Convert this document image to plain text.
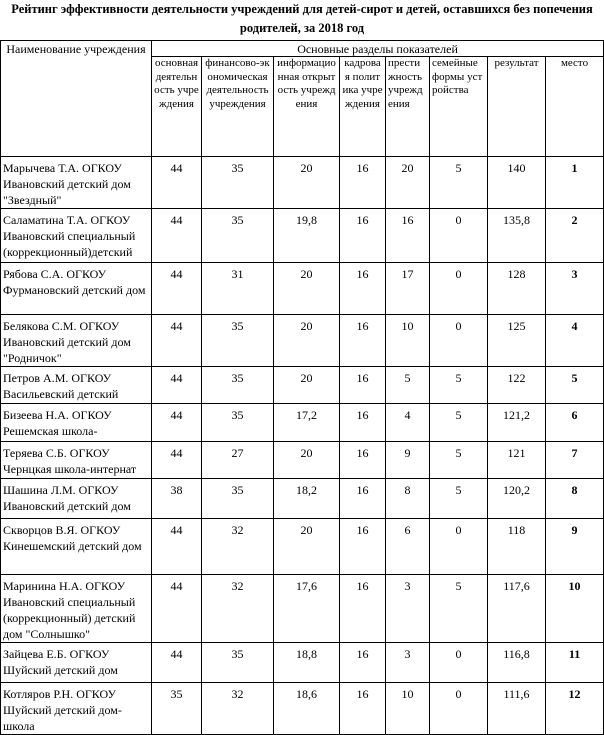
Рейтинг эффективности деятельности учреждений для детей-сирот и детей, оставшихся без попечения
родителей, за 2018 год
Наименование учреждения	Основные разделы показателей							
	основная деятельность учреждения	финансово-экономическая деятельность учреждения	информационная открытость учреждения	кадровая политика учреждения	престижность учреждения	семейные формы устройства	результат	место
Марычева Т.А. ОГКОУ Ивановский детский дом "Звездный"	44	35	20	16	20	5	140	1
Саламатина Т.А. ОГКОУ Ивановский специальный (коррекционный)детский	44	35	19,8	16	16	0	135,8	2
Рябова С.А. ОГКОУ Фурмановский детский дом	44	31	20	16	17	0	128	3
Белякова С.М. ОГКОУ Ивановский детский дом "Родничок"	44	35	20	16	10	0	125	4
Петров А.М. ОГКОУ Васильевский детский	44	35	20	16	5	5	122	5
Бизеева Н.А. ОГКОУ Решемская школа-	44	35	17,2	16	4	5	121,2	6
Теряева С.Б. ОГКОУ Чернцкая школа-интернат	44	27	20	16	9	5	121	7
Шашина Л.М. ОГКОУ Ивановский детский дом	38	35	18,2	16	8	5	120,2	8
Скворцов В.Я. ОГКОУ Кинешемский детский дом	44	32	20	16	6	0	118	9
Маринина Н.А. ОГКОУ Ивановский специальный (коррекционный) детский дом "Солнышко"	44	32	17,6	16	3	5	117,6	10
Зайцева Е.Б. ОГКОУ Шуйский детский дом	44	35	18,8	16	3	0	116,8	11
Котляров Р.Н. ОГКОУ Шуйский детский дом-школа	35	32	18,6	16	10	0	111,6	12
